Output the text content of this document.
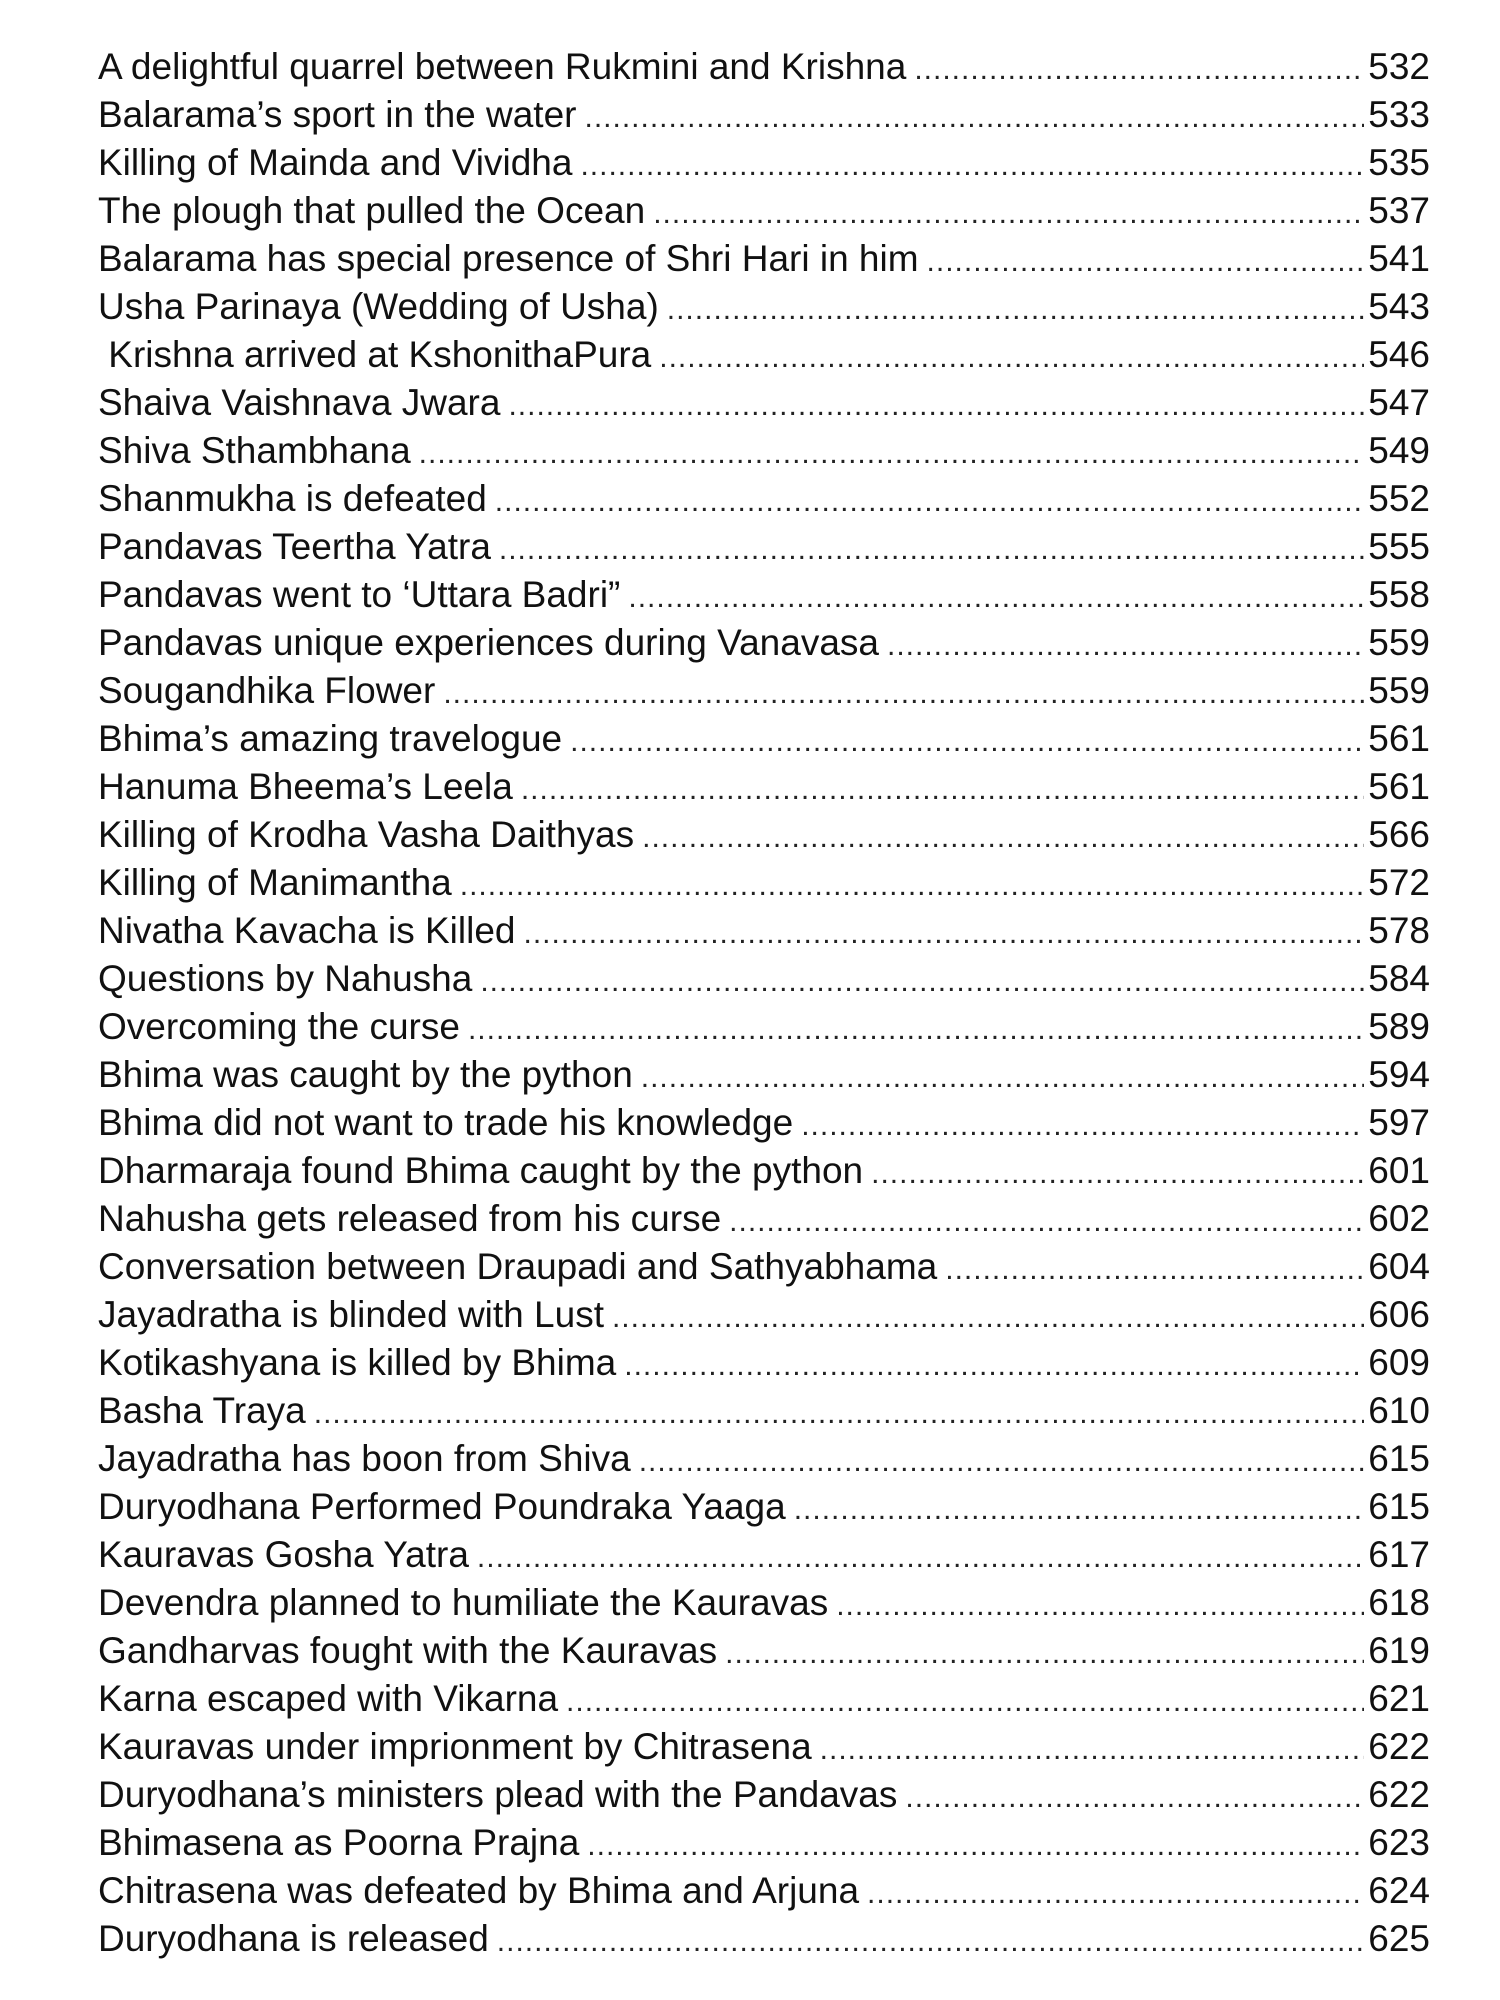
A delightful quarrel between Rukmini and Krishna .....	532
Balarama’s sport in the water .....	533
Killing of Mainda and Vividha .....	535
The plough that pulled the Ocean .....	537
Balarama has special presence of Shri Hari in him .....	541
Usha Parinaya (Wedding of Usha) .....	543
Krishna arrived at KshonithaPura .....	546
Shaiva Vaishnava Jwara .....	547
Shiva Sthambhana .....	549
Shanmukha is defeated .....	552
Pandavas Teertha Yatra .....	555
Pandavas went to ‘Uttara Badri” .....	558
Pandavas unique experiences during Vanavasa .....	559
Sougandhika Flower .....	559
Bhima’s amazing travelogue .....	561
Hanuma Bheema’s Leela .....	561
Killing of Krodha Vasha Daithyas .....	566
Killing of Manimantha .....	572
Nivatha Kavacha is Killed .....	578
Questions by Nahusha .....	584
Overcoming the curse .....	589
Bhima was caught by the python .....	594
Bhima did not want to trade his knowledge .....	597
Dharmaraja found Bhima caught by the python .....	601
Nahusha gets released from his curse .....	602
Conversation between Draupadi and Sathyabhama .....	604
Jayadratha is blinded with Lust .....	606
Kotikashyana is killed by Bhima .....	609
Basha Traya .....	610
Jayadratha has boon from Shiva .....	615
Duryodhana Performed Poundraka Yaaga .....	615
Kauravas Gosha Yatra .....	617
Devendra planned to humiliate the Kauravas .....	618
Gandharvas fought with the Kauravas .....	619
Karna escaped with Vikarna .....	621
Kauravas under imprionment by Chitrasena .....	622
Duryodhana’s ministers plead with the Pandavas .....	622
Bhimasena as Poorna Prajna .....	623
Chitrasena was defeated by Bhima and Arjuna .....	624
Duryodhana is released .....	625
